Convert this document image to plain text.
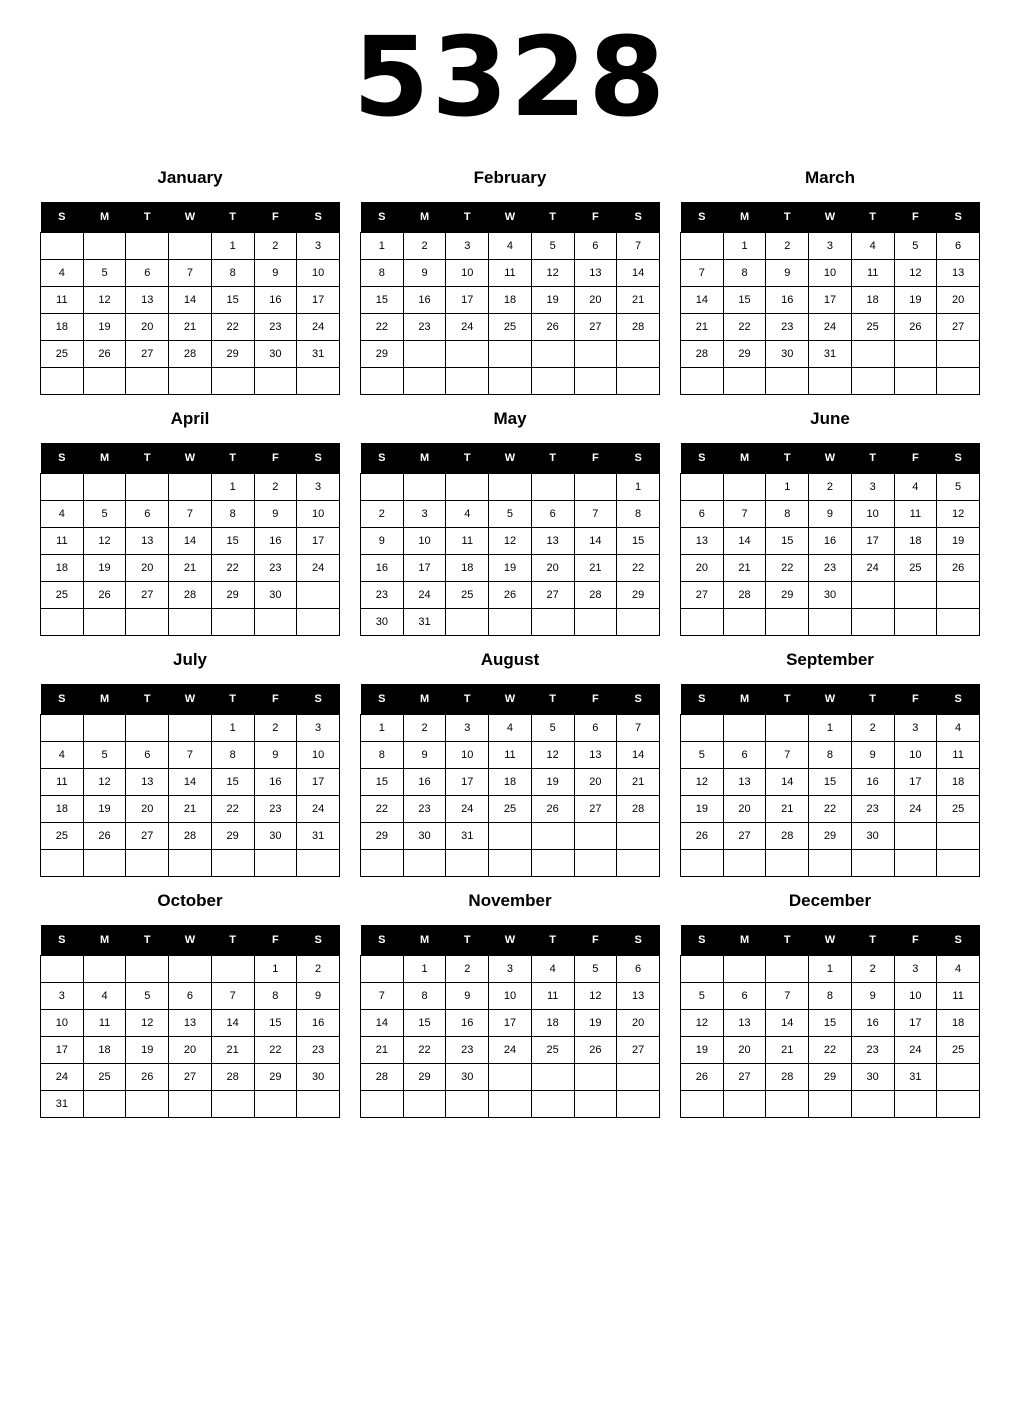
5328
January
S	M	T	W	T	F	S
				1	2	3
4	5	6	7	8	9	10
11	12	13	14	15	16	17
18	19	20	21	22	23	24
25	26	27	28	29	30	31

February
S	M	T	W	T	F	S
1	2	3	4	5	6	7
8	9	10	11	12	13	14
15	16	17	18	19	20	21
22	23	24	25	26	27	28
29						

March
S	M	T	W	T	F	S
	1	2	3	4	5	6
7	8	9	10	11	12	13
14	15	16	17	18	19	20
21	22	23	24	25	26	27
28	29	30	31			

April
S	M	T	W	T	F	S
				1	2	3
4	5	6	7	8	9	10
11	12	13	14	15	16	17
18	19	20	21	22	23	24
25	26	27	28	29	30	

May
S	M	T	W	T	F	S
						1
2	3	4	5	6	7	8
9	10	11	12	13	14	15
16	17	18	19	20	21	22
23	24	25	26	27	28	29
30	31					
June
S	M	T	W	T	F	S
		1	2	3	4	5
6	7	8	9	10	11	12
13	14	15	16	17	18	19
20	21	22	23	24	25	26
27	28	29	30			

July
S	M	T	W	T	F	S
				1	2	3
4	5	6	7	8	9	10
11	12	13	14	15	16	17
18	19	20	21	22	23	24
25	26	27	28	29	30	31

August
S	M	T	W	T	F	S
1	2	3	4	5	6	7
8	9	10	11	12	13	14
15	16	17	18	19	20	21
22	23	24	25	26	27	28
29	30	31				

September
S	M	T	W	T	F	S
			1	2	3	4
5	6	7	8	9	10	11
12	13	14	15	16	17	18
19	20	21	22	23	24	25
26	27	28	29	30		

October
S	M	T	W	T	F	S
					1	2
3	4	5	6	7	8	9
10	11	12	13	14	15	16
17	18	19	20	21	22	23
24	25	26	27	28	29	30
31						
November
S	M	T	W	T	F	S
	1	2	3	4	5	6
7	8	9	10	11	12	13
14	15	16	17	18	19	20
21	22	23	24	25	26	27
28	29	30				

December
S	M	T	W	T	F	S
			1	2	3	4
5	6	7	8	9	10	11
12	13	14	15	16	17	18
19	20	21	22	23	24	25
26	27	28	29	30	31	
